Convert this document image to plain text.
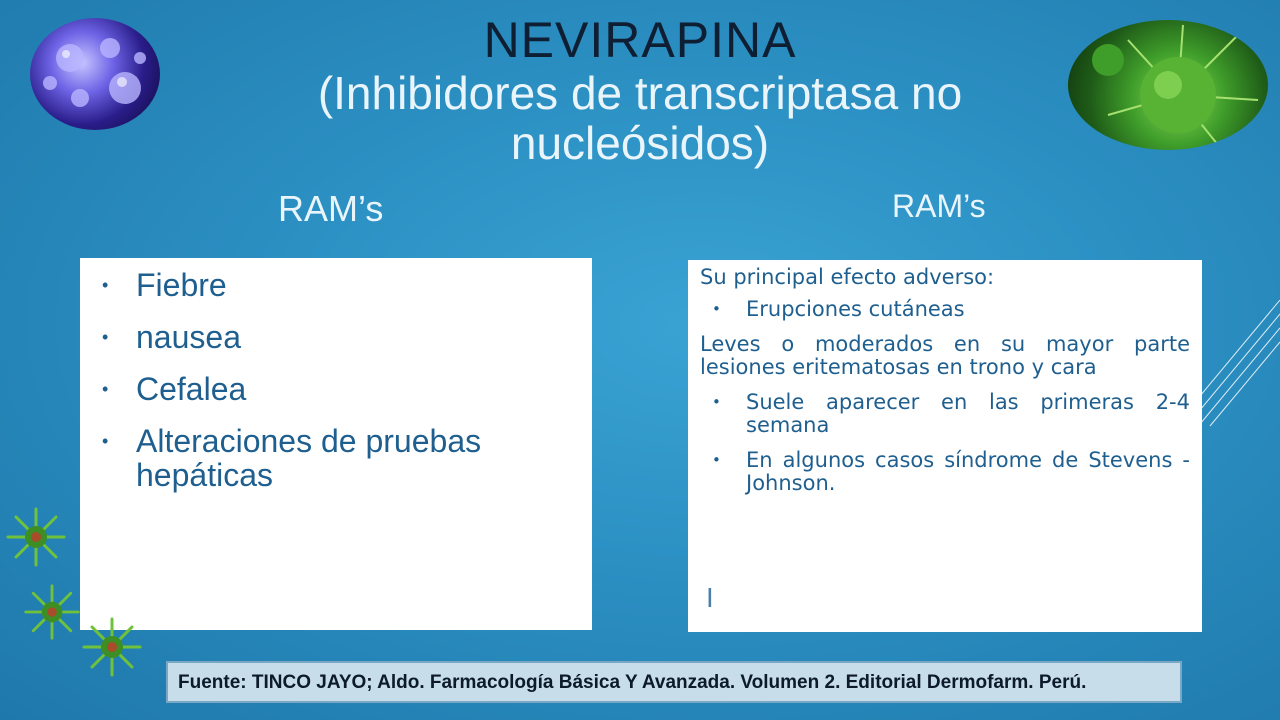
NEVIRAPINA
(Inhibidores de transcriptasa no
nucleósidos)
RAM’s	RAM’s
• Fiebre
• nausea
• Cefalea
• Alteraciones de pruebas hepáticas
Su principal efecto adverso:
• Erupciones cutáneas
Leves o moderados en su mayor parte lesiones eritematosas en trono y cara
• Suele aparecer en las primeras 2-4 semana
• En algunos casos síndrome de Stevens - Johnson.
I
Fuente: TINCO JAYO; Aldo. Farmacología Básica Y Avanzada. Volumen 2. Editorial Dermofarm. Perú.
